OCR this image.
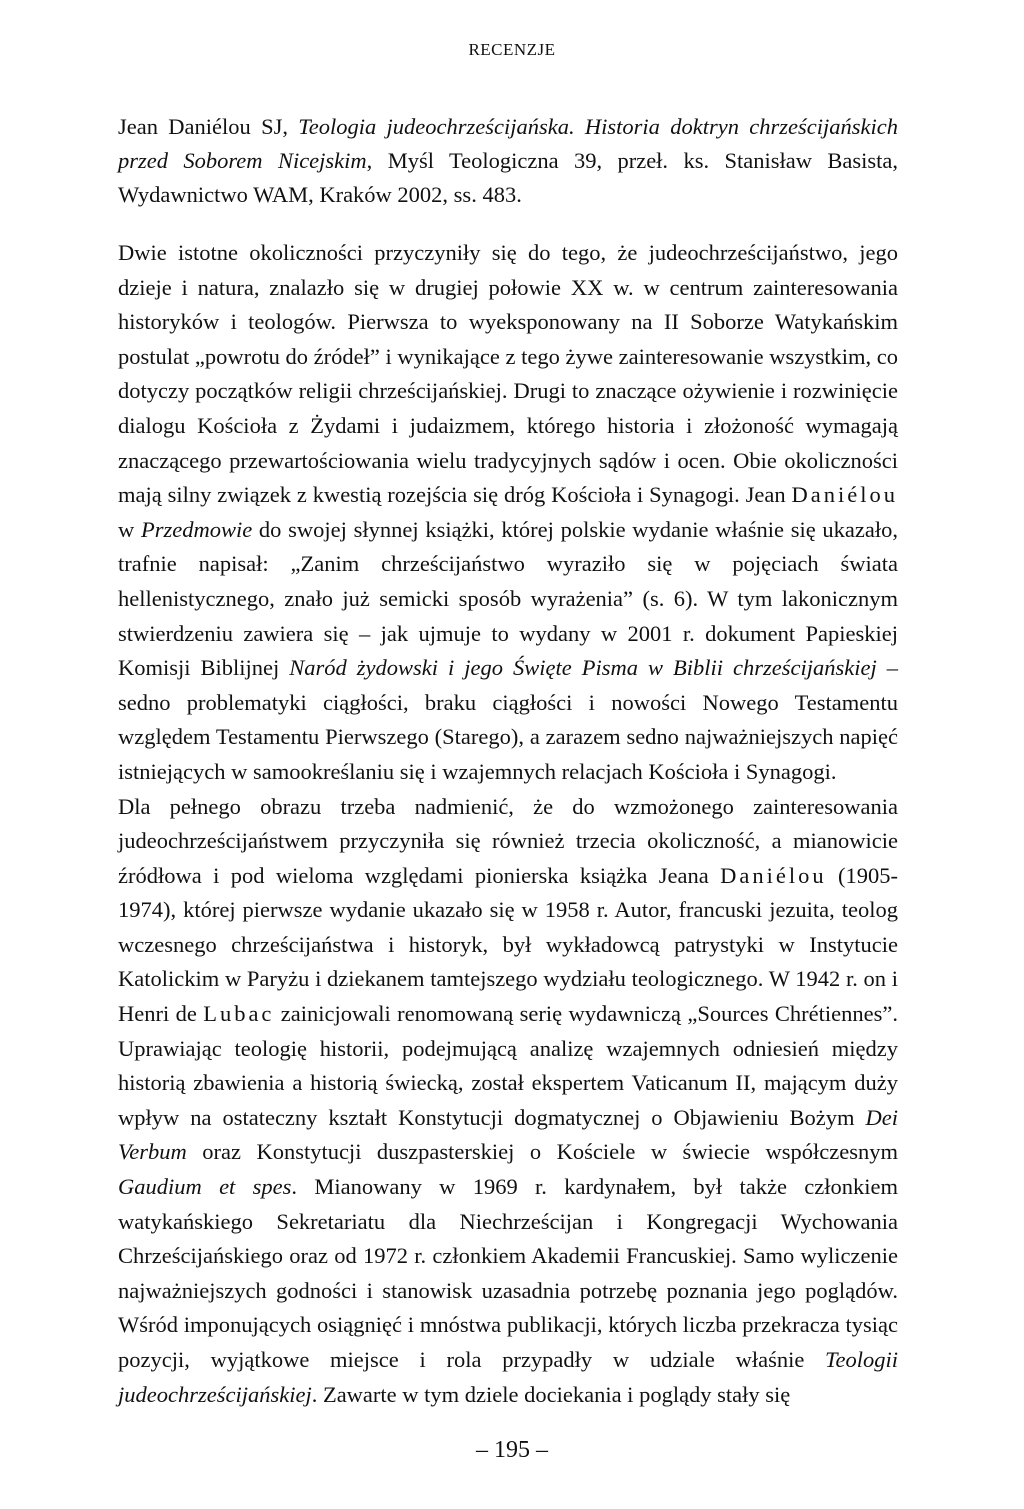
RECENZJE
Jean Daniélou SJ, Teologia judeochrześcijańska. Historia doktryn chrześcijańskich przed Soborem Nicejskim, Myśl Teologiczna 39, przeł. ks. Stanisław Basista, Wydawnictwo WAM, Kraków 2002, ss. 483.

Dwie istotne okoliczności przyczyniły się do tego, że judeochrześcijaństwo, jego dzieje i natura, znalazło się w drugiej połowie XX w. w centrum zainteresowania historyków i teologów. Pierwsza to wyeksponowany na II Soborze Watykańskim postulat „powrotu do źródeł” i wynikające z tego żywe zainteresowanie wszystkim, co dotyczy początków religii chrześcijańskiej. Drugi to znaczące ożywienie i rozwinięcie dialogu Kościoła z Żydami i judaizmem, którego historia i złożoność wymagają znaczącego przewartościowania wielu tradycyjnych sądów i ocen. Obie okoliczności mają silny związek z kwestią rozejścia się dróg Kościoła i Synagogi. Jean Daniélou w Przedmowie do swojej słynnej książki, której polskie wydanie właśnie się ukazało, trafnie napisał: „Zanim chrześcijaństwo wyraziło się w pojęciach świata hellenistycznego, znało już semicki sposób wyrażenia” (s. 6). W tym lakonicznym stwierdzeniu zawiera się – jak ujmuje to wydany w 2001 r. dokument Papieskiej Komisji Biblijnej Naród żydowski i jego Święte Pisma w Biblii chrześcijańskiej – sedno problematyki ciągłości, braku ciągłości i nowości Nowego Testamentu względem Testamentu Pierwszego (Starego), a zarazem sedno najważniejszych napięć istniejących w samookreślaniu się i wzajemnych relacjach Kościoła i Synagogi.

Dla pełnego obrazu trzeba nadmienić, że do wzmożonego zainteresowania judeochrześcijaństwem przyczyniła się również trzecia okoliczność, a mianowicie źródłowa i pod wieloma względami pionierska książka Jeana Daniélou (1905-1974), której pierwsze wydanie ukazało się w 1958 r. Autor, francuski jezuita, teolog wczesnego chrześcijaństwa i historyk, był wykładowcą patrystyki w Instytucie Katolickim w Paryżu i dziekanem tamtejszego wydziału teologicznego. W 1942 r. on i Henri de Lubac zainicjowali renomowaną serię wydawniczą „Sources Chrétiennes”. Uprawiając teologię historii, podejmującą analizę wzajemnych odniesień między historią zbawienia a historią świecką, został ekspertem Vaticanum II, mającym duży wpływ na ostateczny kształt Konstytucji dogmatycznej o Objawieniu Bożym Dei Verbum oraz Konstytucji duszpasterskiej o Kościele w świecie współczesnym Gaudium et spes. Mianowany w 1969 r. kardynałem, był także członkiem watykańskiego Sekretariatu dla Niechrześcijan i Kongregacji Wychowania Chrześcijańskiego oraz od 1972 r. członkiem Akademii Francuskiej. Samo wyliczenie najważniejszych godności i stanowisk uzasadnia potrzebę poznania jego poglądów. Wśród imponujących osiągnięć i mnóstwa publikacji, których liczba przekracza tysiąc pozycji, wyjątkowe miejsce i rola przypadły w udziale właśnie Teologii judeochrześcijańskiej. Zawarte w tym dziele dociekania i poglądy stały się

– 195 –
